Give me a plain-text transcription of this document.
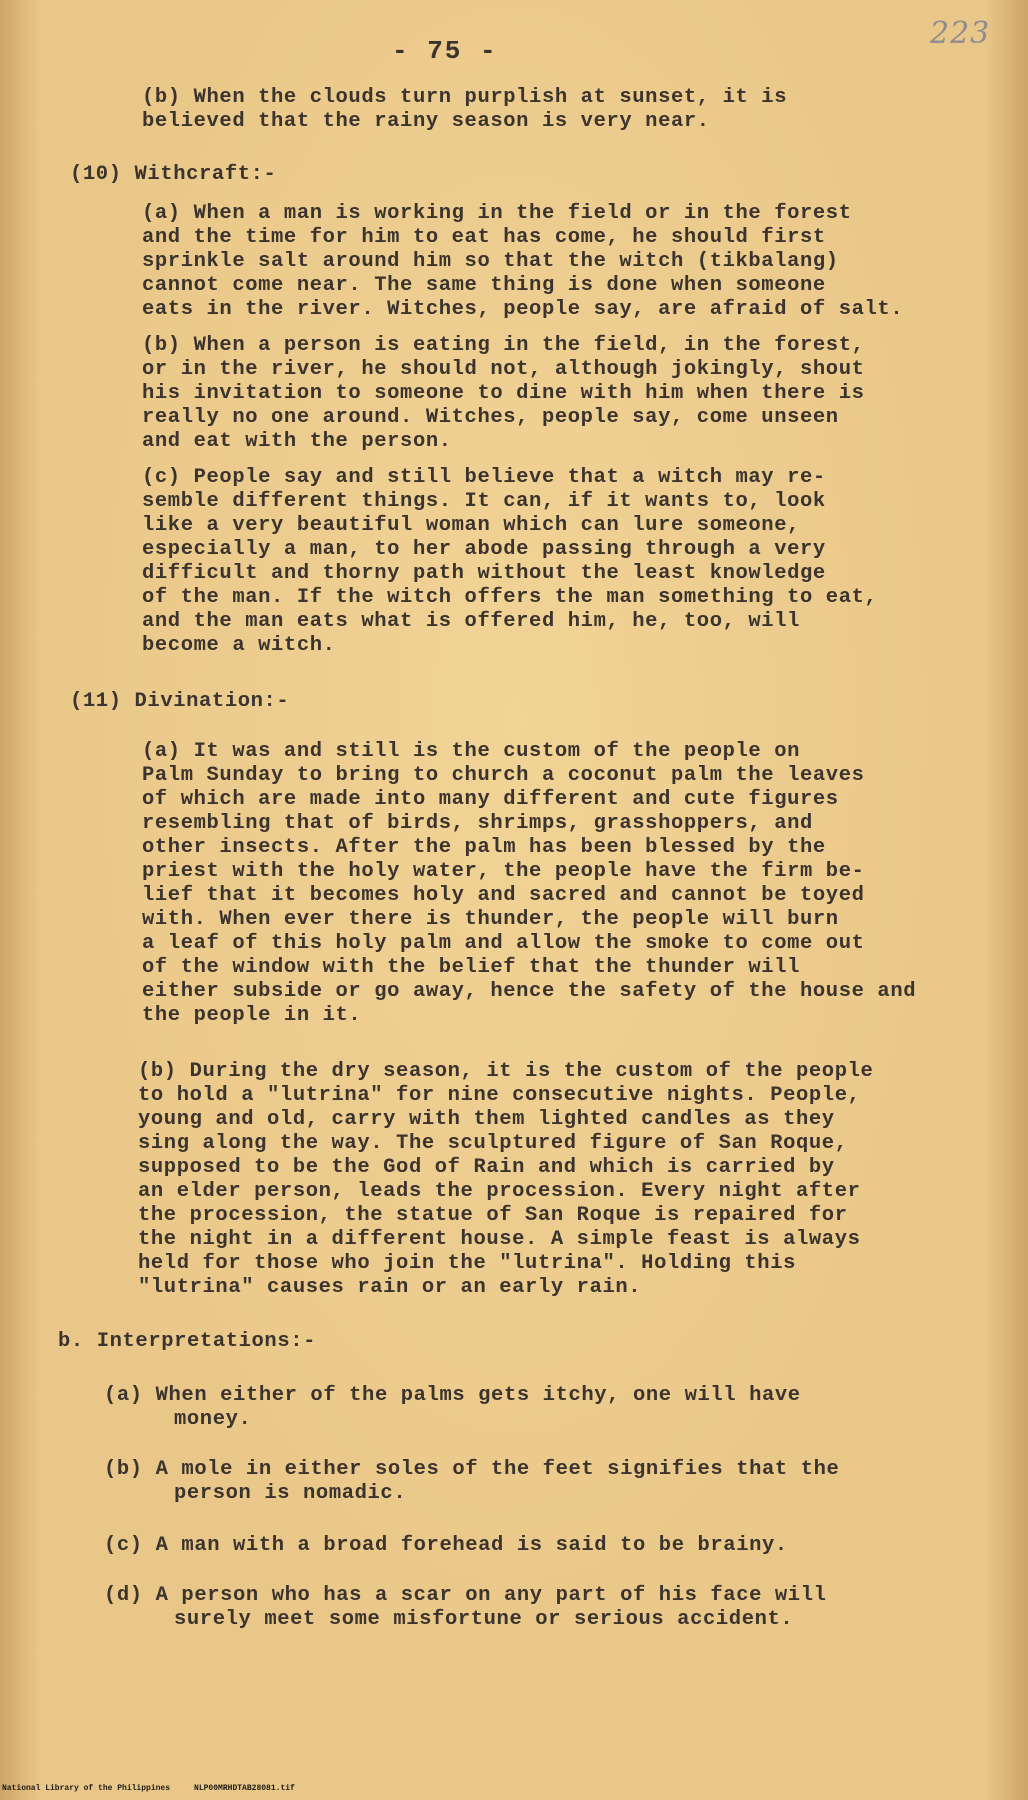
- 75 -	223

(b) When the clouds turn purplish at sunset, it is

believed that the rainy season is very near.

(10) Withcraft:-

(a) When a man is working in the field or in the forest

and the time for him to eat has come, he should first

sprinkle salt around him so that the witch (tikbalang)

cannot come near. The same thing is done when someone

eats in the river. Witches, people say, are afraid of salt.

(b) When a person is eating in the field, in the forest,

or in the river, he should not, although jokingly, shout

his invitation to someone to dine with him when there is

really no one around. Witches, people say, come unseen

and eat with the person.

(c) People say and still believe that a witch may re-

semble different things. It can, if it wants to, look

like a very beautiful woman which can lure someone,

especially a man, to her abode passing through a very

difficult and thorny path without the least knowledge

of the man. If the witch offers the man something to eat,

and the man eats what is offered him, he, too, will

become a witch.

(11) Divination:-

(a) It was and still is the custom of the people on

Palm Sunday to bring to church a coconut palm the leaves

of which are made into many different and cute figures

resembling that of birds, shrimps, grasshoppers, and

other insects. After the palm has been blessed by the

priest with the holy water, the people have the firm be-

lief that it becomes holy and sacred and cannot be toyed

with. When ever there is thunder, the people will burn

a leaf of this holy palm and allow the smoke to come out

of the window with the belief that the thunder will

either subside or go away, hence the safety of the house and

the people in it.

(b) During the dry season, it is the custom of the people

to hold a "lutrina" for nine consecutive nights. People,

young and old, carry with them lighted candles as they

sing along the way. The sculptured figure of San Roque,

supposed to be the God of Rain and which is carried by

an elder person, leads the procession. Every night after

the procession, the statue of San Roque is repaired for

the night in a different house. A simple feast is always

held for those who join the "lutrina". Holding this

"lutrina" causes rain or an early rain.

b. Interpretations:-

(a) When either of the palms gets itchy, one will have

money.

(b) A mole in either soles of the feet signifies that the

person is nomadic.

(c) A man with a broad forehead is said to be brainy.

(d) A person who has a scar on any part of his face will

surely meet some misfortune or serious accident.

National Library of the Philippines     NLP00MRHDTAB28081.tif
